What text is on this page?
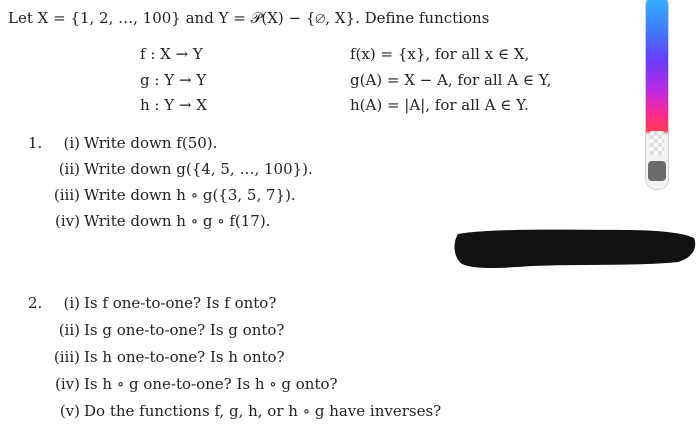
Let X = {1, 2, …, 100} and Y = 𝒫(X) − {∅, X}. Define functions
f : X → Y	f(x) = {x}, for all x ∈ X,
g : Y → Y	g(A) = X − A, for all A ∈ Y,
h : Y → X	h(A) = |A|, for all A ∈ Y.
1.	(i) Write down f(50).
(ii) Write down g({4, 5, …, 100}).
(iii) Write down h ∘ g({3, 5, 7}).
(iv) Write down h ∘ g ∘ f(17).
2.	(i) Is f one-to-one? Is f onto?
(ii) Is g one-to-one? Is g onto?
(iii) Is h one-to-one? Is h onto?
(iv) Is h ∘ g one-to-one? Is h ∘ g onto?
(v) Do the functions f, g, h, or h ∘ g have inverses?
